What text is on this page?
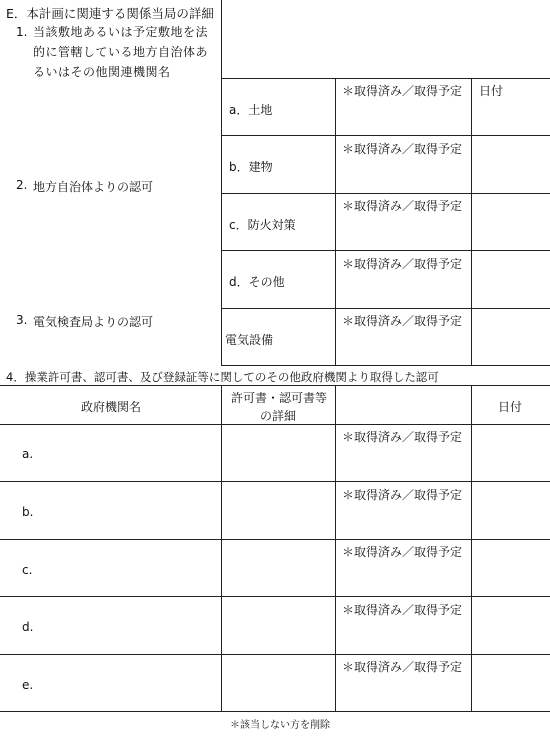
E．本計画に関連する関係当局の詳細
1. 当該敷地あるいは予定敷地を法的に管轄している地方自治体あるいはその他関連機関名
2. 地方自治体よりの認可
3. 電気検査局よりの認可
＊取得済み／取得予定 日付
a．土地
＊取得済み／取得予定
b．建物
＊取得済み／取得予定
c．防火対策
＊取得済み／取得予定
d．その他
＊取得済み／取得予定
電気設備
4．操業許可書、認可書、及び登録証等に関してのその他政府機関より取得した認可
政府機関名
許可書・認可書等
の詳細
日付
＊取得済み／取得予定
a.
＊取得済み／取得予定
b.
＊取得済み／取得予定
c.
＊取得済み／取得予定
d.
＊取得済み／取得予定
e.
＊該当しない方を削除
